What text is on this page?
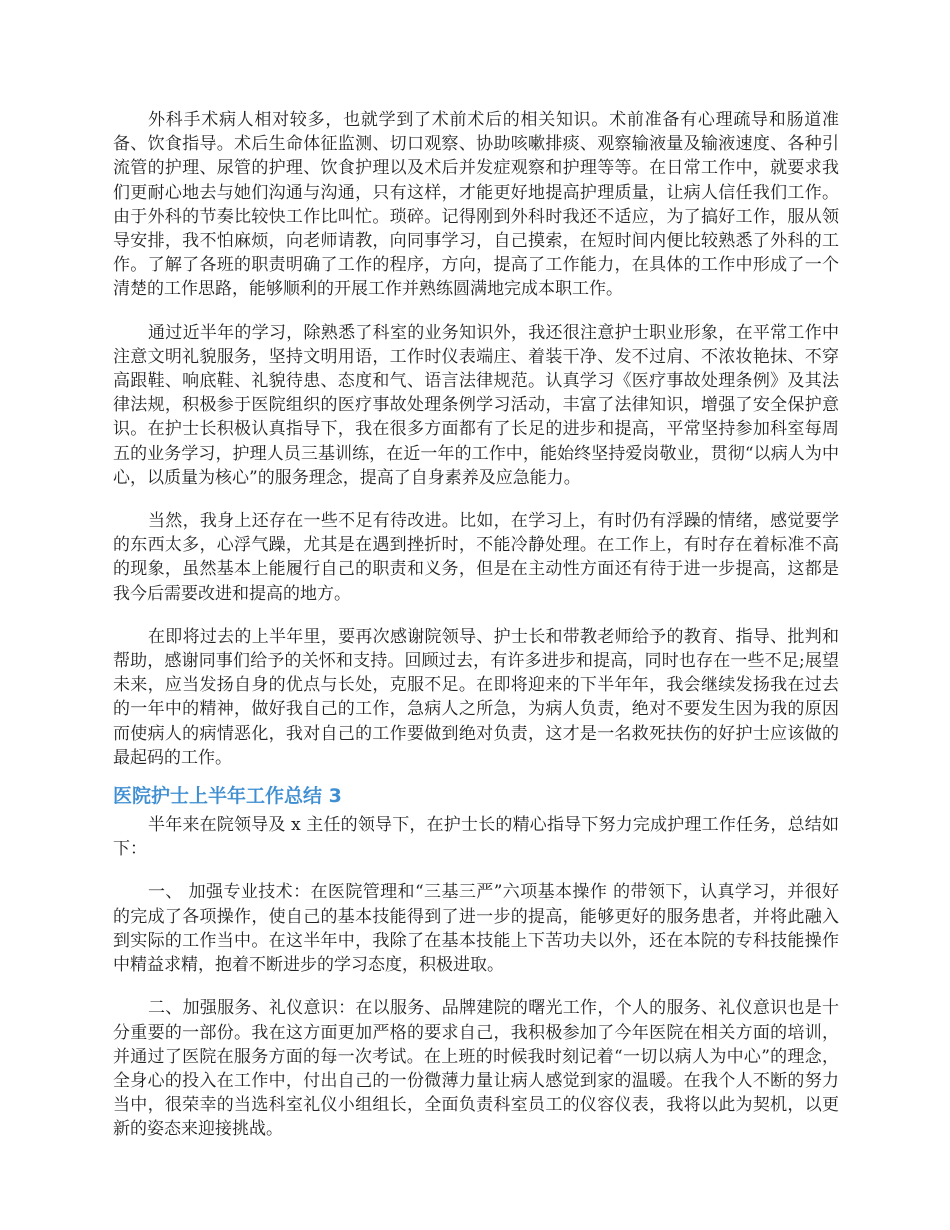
外科手术病人相对较多，也就学到了术前术后的相关知识。术前准备有心理疏导和肠道准备、饮食指导。术后生命体征监测、切口观察、协助咳嗽排痰、观察输液量及输液速度、各种引流管的护理、尿管的护理、饮食护理以及术后并发症观察和护理等等。在日常工作中，就要求我们更耐心地去与她们沟通与沟通，只有这样，才能更好地提高护理质量，让病人信任我们工作。由于外科的节奏比较快工作比叫忙。琐碎。记得刚到外科时我还不适应，为了搞好工作，服从领导安排，我不怕麻烦，向老师请教，向同事学习，自己摸索，在短时间内便比较熟悉了外科的工作。了解了各班的职责明确了工作的程序，方向，提高了工作能力，在具体的工作中形成了一个清楚的工作思路，能够顺利的开展工作并熟练圆满地完成本职工作。

通过近半年的学习，除熟悉了科室的业务知识外，我还很注意护士职业形象，在平常工作中注意文明礼貌服务，坚持文明用语，工作时仪表端庄、着装干净、发不过肩、不浓妆艳抹、不穿高跟鞋、响底鞋、礼貌待患、态度和气、语言法律规范。认真学习《医疗事故处理条例》及其法律法规，积极参于医院组织的医疗事故处理条例学习活动，丰富了法律知识，增强了安全保护意识。在护士长积极认真指导下，我在很多方面都有了长足的进步和提高，平常坚持参加科室每周五的业务学习，护理人员三基训练，在近一年的工作中，能始终坚持爱岗敬业，贯彻“以病人为中心，以质量为核心”的服务理念，提高了自身素养及应急能力。

当然，我身上还存在一些不足有待改进。比如，在学习上，有时仍有浮躁的情绪，感觉要学的东西太多，心浮气躁，尤其是在遇到挫折时，不能冷静处理。在工作上，有时存在着标准不高的现象，虽然基本上能履行自己的职责和义务，但是在主动性方面还有待于进一步提高，这都是我今后需要改进和提高的地方。

在即将过去的上半年里，要再次感谢院领导、护士长和带教老师给予的教育、指导、批判和帮助，感谢同事们给予的关怀和支持。回顾过去，有许多进步和提高，同时也存在一些不足;展望未来，应当发扬自身的优点与长处，克服不足。在即将迎来的下半年年，我会继续发扬我在过去的一年中的精神，做好我自己的工作，急病人之所急，为病人负责，绝对不要发生因为我的原因而使病人的病情恶化，我对自己的工作要做到绝对负责，这才是一名救死扶伤的好护士应该做的最起码的工作。

医院护士上半年工作总结 3

半年来在院领导及 x 主任的领导下，在护士长的精心指导下努力完成护理工作任务，总结如下：

一、 加强专业技术：在医院管理和“三基三严”六项基本操作 的带领下，认真学习，并很好的完成了各项操作，使自己的基本技能得到了进一步的提高，能够更好的服务患者，并将此融入到实际的工作当中。在这半年中，我除了在基本技能上下苦功夫以外，还在本院的专科技能操作中精益求精，抱着不断进步的学习态度，积极进取。

二、加强服务、礼仪意识：在以服务、品牌建院的曙光工作，个人的服务、礼仪意识也是十分重要的一部份。我在这方面更加严格的要求自己，我积极参加了今年医院在相关方面的培训，并通过了医院在服务方面的每一次考试。在上班的时候我时刻记着“一切以病人为中心”的理念，全身心的投入在工作中，付出自己的一份微薄力量让病人感觉到家的温暖。在我个人不断的努力当中，很荣幸的当选科室礼仪小组组长，全面负责科室员工的仪容仪表，我将以此为契机，以更新的姿态来迎接挑战。
